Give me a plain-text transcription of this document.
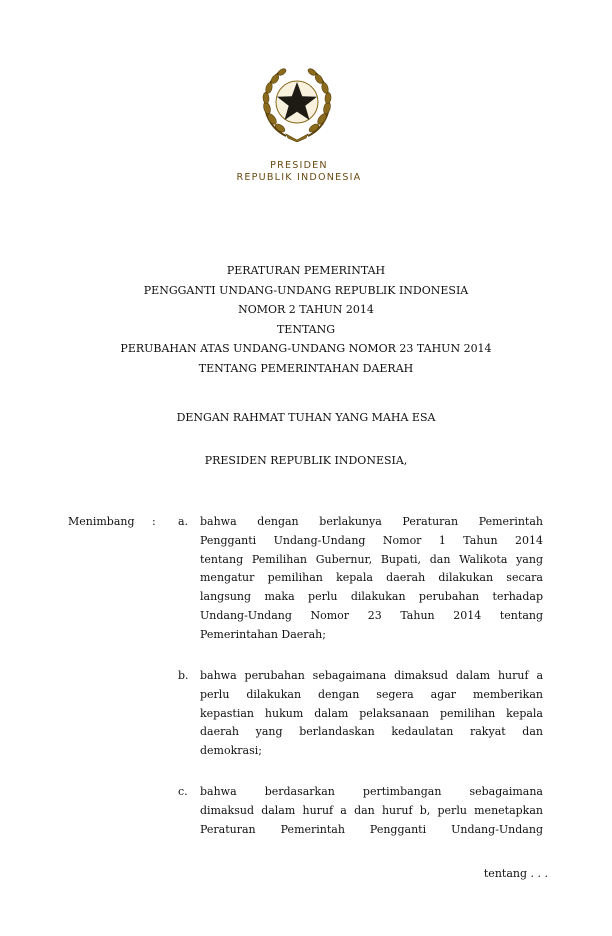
PRESIDEN
REPUBLIK INDONESIA
PERATURAN PEMERINTAH
PENGGANTI UNDANG-UNDANG REPUBLIK INDONESIA
NOMOR 2 TAHUN 2014
TENTANG
PERUBAHAN ATAS UNDANG-UNDANG NOMOR 23 TAHUN 2014
TENTANG PEMERINTAHAN DAERAH
DENGAN RAHMAT TUHAN YANG MAHA ESA
PRESIDEN REPUBLIK INDONESIA,
Menimbang : a. bahwa dengan berlakunya Peraturan Pemerintah
Pengganti Undang-Undang Nomor 1 Tahun 2014
tentang Pemilihan Gubernur, Bupati, dan Walikota yang
mengatur pemilihan kepala daerah dilakukan secara
langsung maka perlu dilakukan perubahan terhadap
Undang-Undang Nomor 23 Tahun 2014 tentang
Pemerintahan Daerah;
b. bahwa perubahan sebagaimana dimaksud dalam huruf a
perlu dilakukan dengan segera agar memberikan
kepastian hukum dalam pelaksanaan pemilihan kepala
daerah yang berlandaskan kedaulatan rakyat dan
demokrasi;
c. bahwa berdasarkan pertimbangan sebagaimana
dimaksud dalam huruf a dan huruf b, perlu menetapkan
Peraturan Pemerintah Pengganti Undang-Undang
tentang . . .
